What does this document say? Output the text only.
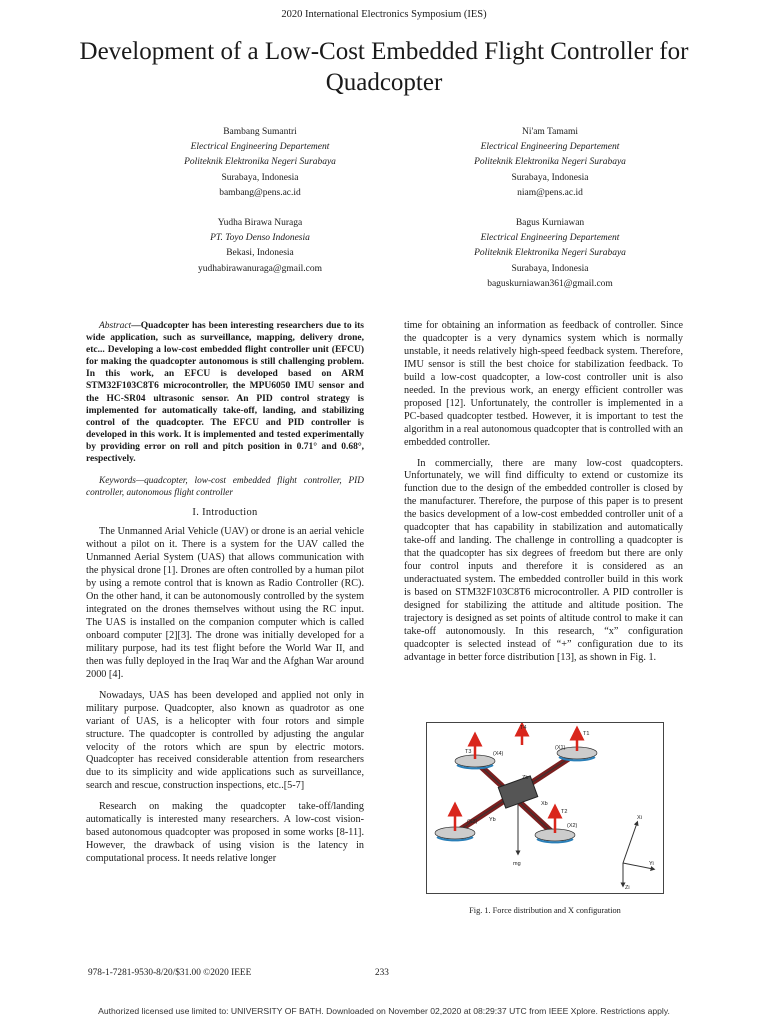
2020 International Electronics Symposium (IES)
Development of a Low-Cost Embedded Flight Controller for Quadcopter
Bambang Sumantri
Electrical Engineering Departement
Politeknik Elektronika Negeri Surabaya
Surabaya, Indonesia
bambang@pens.ac.id
Ni'am Tamami
Electrical Engineering Departement
Politeknik Elektronika Negeri Surabaya
Surabaya, Indonesia
niam@pens.ac.id
Yudha Birawa Nuraga
PT. Toyo Denso Indonesia
Bekasi, Indonesia
yudhabirawanuraga@gmail.com
Bagus Kurniawan
Electrical Engineering Departement
Politeknik Elektronika Negeri Surabaya
Surabaya, Indonesia
baguskurniawan361@gmail.com

Abstract—Quadcopter has been interesting researchers due to its wide application, such as surveillance, mapping, delivery drone, etc... Developing a low-cost embedded flight controller unit (EFCU) for making the quadcopter autonomous is still challenging problem. In this work, an EFCU is developed based on ARM STM32F103C8T6 microcontroller, the MPU6050 IMU sensor and the HC-SR04 ultrasonic sensor. An PID control strategy is implemented for automatically take-off, landing, and stabilizing control of the quadcopter. The EFCU and PID controller is developed in this work. It is implemented and tested experimentally by providing error on roll and pitch position in 0.71° and 0.68°, respectively.

Keywords—quadcopter, low-cost embedded flight controller, PID controller, autonomous flight controller

I. Introduction

The Unmanned Arial Vehicle (UAV) or drone is an aerial vehicle without a pilot on it. There is a system for the UAV called the Unmanned Aerial System (UAS) that allows communication with the physical drone [1]. Drones are often controlled by a human pilot by using a remote control that is known as Radio Controller (RC). On the other hand, it can be autonomously controlled by the system integrated on the drones themselves without using the RC input. The UAS is installed on the companion computer which is called onboard computer [2][3]. The drone was initially developed for a military purpose, had its test flight before the World War II, and then was fully deployed in the Iraq War and the Afghan War around 2000 [4].

Nowadays, UAS has been developed and applied not only in military purpose. Quadcopter, also known as quadrotor as one variant of UAS, is a helicopter with four rotors and simple structure. The quadcopter is controlled by adjusting the angular velocity of the rotors which are spun by electric motors. Quadcopter has received considerable attention from researchers due to its simplicity and wide applications such as surveillance, search and rescue, construction inspections, etc..[5-7]

Research on making the quadcopter take-off/landing automatically is interested many researchers. A low-cost vision-based autonomous quadcopter was proposed in some works [8-11]. However, the drawback of using vision is the latency in computational process. It needs relative longer

time for obtaining an information as feedback of controller. Since the quadcopter is a very dynamics system which is normally unstable, it needs relatively high-speed feedback system. Therefore, IMU sensor is still the best choice for stabilization feedback. To build a low-cost quadcopter, a low-cost controller unit is also needed. In the previous work, an energy efficient controller was proposed [12]. Unfortunately, the controller is implemented in a PC-based quadcopter testbed. However, it is important to test the algorithm in a real autonomous quadcopter that is controlled with an embedded controller.

In commercially, there are many low-cost quadcopters. Unfortunately, we will find difficulty to extend or customize its function due to the design of the embedded controller is closed by the manufacturer. Therefore, the purpose of this paper is to present the basics development of a low-cost embedded controller unit of a quadcopter that has capability in stabilization and automatically take-off and landing. The challenge in controlling a quadcopter is that the quadcopter has six degrees of freedom but there are only four control inputs and therefore it is considered as an underactuated system. The embedded controller build in this work is based on STM32F103C8T6 microcontroller. A PID controller is designed for stabilizing the attitude and altitude position. The trajectory is designed as set points of altitude control to make it can take-off autonomously. In this research, “x” configuration quadcopter is selected instead of “+” configuration due to its advantage in better force distribution [13], as shown in Fig. 1.

T4
T1
T3
T2
Xb
Yb
Zb
(X4)
(X1)
(X3)
(X2)
Xi
Yi
Zi
mg
Fig. 1. Force distribution and X configuration
978-1-7281-9530-8/20/$31.00 ©2020 IEEE	233
Authorized licensed use limited to: UNIVERSITY OF BATH. Downloaded on November 02,2020 at 08:29:37 UTC from IEEE Xplore. Restrictions apply.
